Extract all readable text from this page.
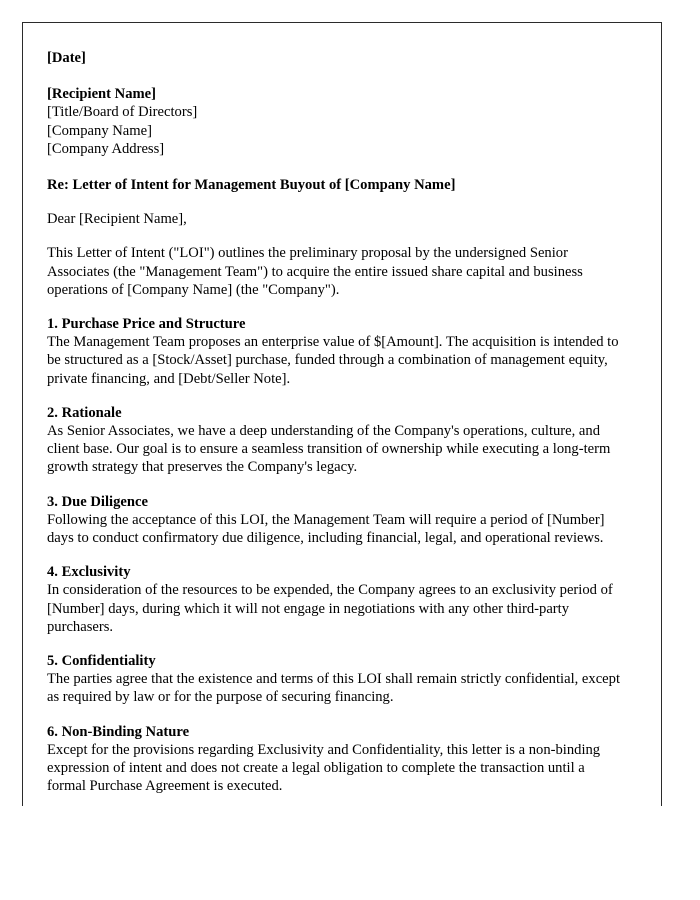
[Date]
[Recipient Name]
[Title/Board of Directors]
[Company Name]
[Company Address]
Re: Letter of Intent for Management Buyout of [Company Name]
Dear [Recipient Name],
This Letter of Intent ("LOI") outlines the preliminary proposal by the undersigned Senior Associates (the "Management Team") to acquire the entire issued share capital and business operations of [Company Name] (the "Company").
1. Purchase Price and Structure
The Management Team proposes an enterprise value of $[Amount]. The acquisition is intended to be structured as a [Stock/Asset] purchase, funded through a combination of management equity, private financing, and [Debt/Seller Note].
2. Rationale
As Senior Associates, we have a deep understanding of the Company's operations, culture, and client base. Our goal is to ensure a seamless transition of ownership while executing a long-term growth strategy that preserves the Company's legacy.
3. Due Diligence
Following the acceptance of this LOI, the Management Team will require a period of [Number] days to conduct confirmatory due diligence, including financial, legal, and operational reviews.
4. Exclusivity
In consideration of the resources to be expended, the Company agrees to an exclusivity period of [Number] days, during which it will not engage in negotiations with any other third-party purchasers.
5. Confidentiality
The parties agree that the existence and terms of this LOI shall remain strictly confidential, except as required by law or for the purpose of securing financing.
6. Non-Binding Nature
Except for the provisions regarding Exclusivity and Confidentiality, this letter is a non-binding expression of intent and does not create a legal obligation to complete the transaction until a formal Purchase Agreement is executed.
